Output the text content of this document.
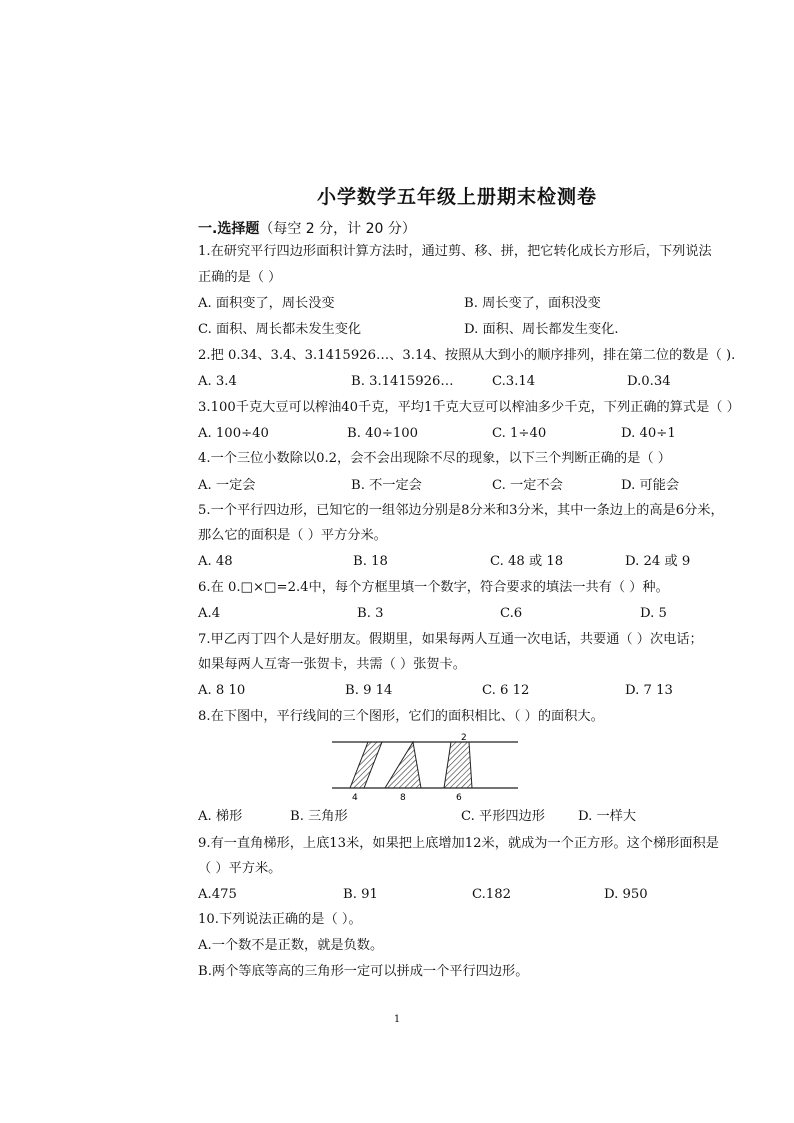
小学数学五年级上册期末检测卷
一.选择题（每空 2 分，计 20 分）
1.在研究平行四边形面积计算方法时，通过剪、移、拼，把它转化成长方形后，下列说法
正确的是（ ）
A. 面积变了，周长没变	B. 周长变了，面积没变
C. 面积、周长都未发生变化	D. 面积、周长都发生变化.
2.把 0.34、3.4、3.1415926…、3.14、按照从大到小的顺序排列，排在第二位的数是（ ).
A. 3.4	B. 3.1415926…	C.3.14	D.0.34
3.100千克大豆可以榨油40千克，平均1千克大豆可以榨油多少千克，下列正确的算式是（ ）
A. 100÷40	B. 40÷100	C. 1÷40	D. 40÷1
4.一个三位小数除以0.2，会不会出现除不尽的现象，以下三个判断正确的是（ ）
A. 一定会	B. 不一定会	C. 一定不会	D. 可能会
5.一个平行四边形，已知它的一组邻边分别是8分米和3分米，其中一条边上的高是6分米，
那么它的面积是（ ）平方分米。
A. 48	B. 18	C. 48 或 18	D. 24 或 9
6.在 0.□×□=2.4中，每个方框里填一个数字，符合要求的填法一共有（ ）种。
A.4	B. 3	C.6	D. 5
7.甲乙丙丁四个人是好朋友。假期里，如果每两人互通一次电话，共要通（ ）次电话；
如果每两人互寄一张贺卡，共需（ ）张贺卡。
A. 8 10	B. 9 14	C. 6 12	D. 7 13
8.在下图中，平行线间的三个图形，它们的面积相比、（ ）的面积大。
2
4	8	6
A. 梯形	B. 三角形	C. 平形四边形	D. 一样大
9.有一直角梯形，上底13米，如果把上底增加12米，就成为一个正方形。这个梯形面积是
（ ）平方米。
A.475	B. 91	C.182	D. 950
10.下列说法正确的是（ ）。
A.一个数不是正数，就是负数。
B.两个等底等高的三角形一定可以拼成一个平行四边形。
1
